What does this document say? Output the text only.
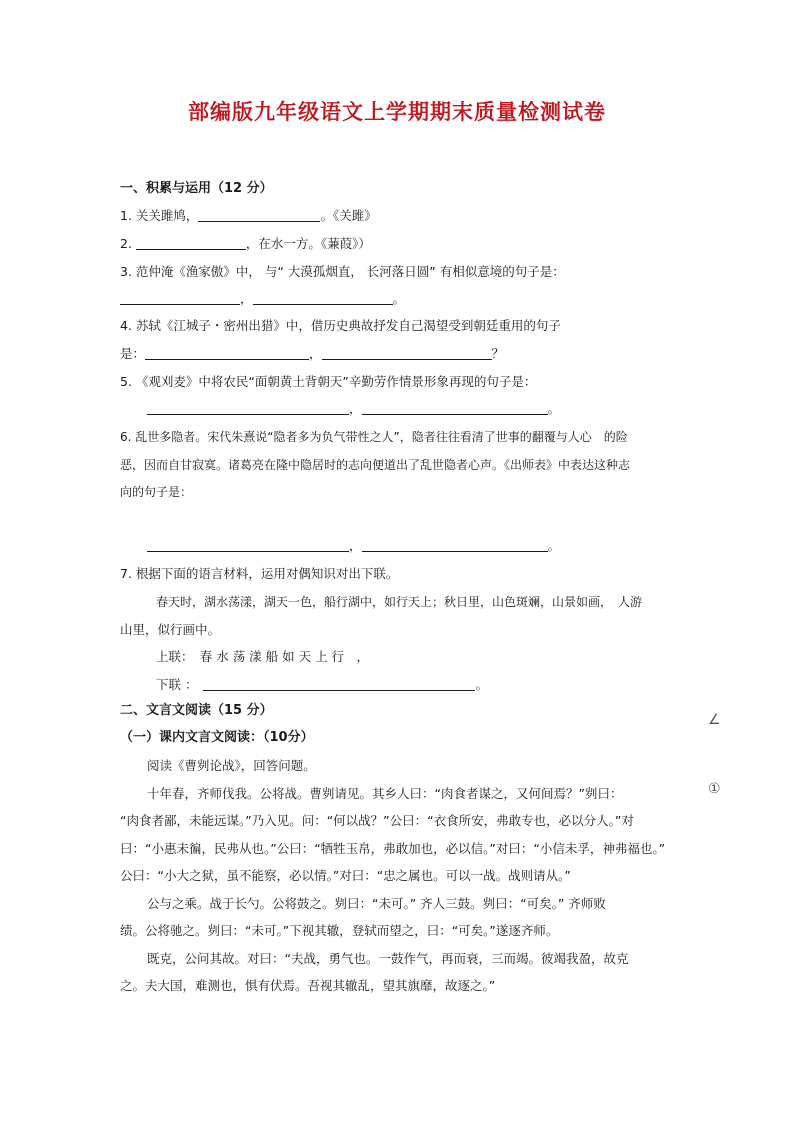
部编版九年级语文上学期期末质量检测试卷
一、积累与运用（12 分）
1. 关关雎鸠，	。《关雎》
2.	，在水一方。《蒹葭》）
3. 范仲淹《渔家傲》中， 与“ 大漠孤烟直， 长河落日圆” 有相似意境的句子是：
，	。
4. 苏轼《江城子・密州出猎》中，借历史典故抒发自己渴望受到朝廷重用的句子
是：	，	？
5. 《观刈麦》中将农民“面朝黄土背朝天”辛勤劳作情景形象再现的句子是：
，	。
6. 乱世多隐者。宋代朱熹说“隐者多为负气带性之人”，隐者往往看清了世事的翻覆与人心　的险
恶，因而自甘寂寞。诸葛亮在隆中隐居时的志向便道出了乱世隐者心声。《出师表》中表达这种志
向的句子是：
，	。
7. 根据下面的语言材料，运用对偶知识对出下联。
春天时，湖水荡漾，湖天一色，船行湖中，如行天上；秋日里，山色斑斓，山景如画，　人游
山里，似行画中。
上联：　春 水 荡 漾 船 如 天 上 行　，
下联 ：	。
二、文言文阅读（15 分）
（一）课内文言文阅读：（10分）
阅读《曹刿论战》，回答问题。
十年春，齐师伐我。公将战。曹刿请见。其乡人曰：“肉食者谋之，又何间焉？”刿曰：
“肉食者鄙，未能远谋。”乃入见。问：“何以战？”公曰：“衣食所安，弗敢专也，必以分人。”对
曰：“小惠未徧，民弗从也。”公曰：“牺牲玉帛，弗敢加也，必以信。”对曰：“小信未孚，神弗福也。”
公曰：“小大之狱，虽不能察，必以情。”对曰：“忠之属也。可以一战。战则请从。”
公与之乘。战于长勺。公将鼓之。刿曰：“未可。” 齐人三鼓。刿曰：“可矣。” 齐师败
绩。公将驰之。刿曰：“未可。”下视其辙，登轼而望之，曰：“可矣。”遂逐齐师。
既克，公问其故。对曰：“夫战，勇气也。一鼓作气，再而衰，三而竭。彼竭我盈，故克
之。夫大国，难测也，惧有伏焉。吾视其辙乱，望其旗靡，故逐之。”
∠
①
